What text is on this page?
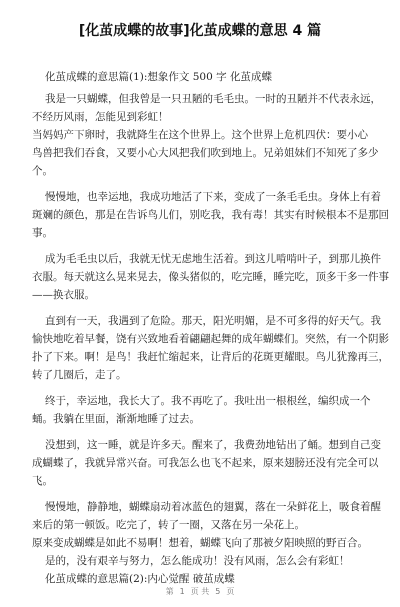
[化茧成蝶的故事]化茧成蝶的意思 4 篇
化茧成蝶的意思篇(1):想象作文 500 字 化茧成蝶
我是一只蝴蝶，但我曾是一只丑陋的毛毛虫。一时的丑陋并不代表永远，
不经历风雨，怎能见到彩虹！
当妈妈产下卵时，我就降生在这个世界上。这个世界上危机四伏：要小心
鸟兽把我们吞食，又要小心大风把我们吹到地上。兄弟姐妹们不知死了多少
个。
慢慢地，也幸运地，我成功地活了下来，变成了一条毛毛虫。身体上有着
斑斓的颜色，那是在告诉鸟儿们，别吃我，我有毒！其实有时候根本不是那回
事。
成为毛毛虫以后，我就无忧无虑地生活着。到这儿啃啃叶子，到那儿换件
衣服。每天就这么晃来晃去，像头猪似的，吃完睡，睡完吃，顶多干多一件事
——换衣服。
直到有一天，我遇到了危险。那天，阳光明媚，是不可多得的好天气。我
愉快地吃着早餐，饶有兴致地看着翩翩起舞的成年蝴蝶们。突然，有一个阴影
扑了下来。啊！是鸟！我赶忙缩起来，让背后的花斑更耀眼。鸟儿犹豫再三，
转了几圈后，走了。
终于，幸运地，我长大了。我不再吃了。我吐出一根根丝，编织成一个
蛹。我躺在里面，渐渐地睡了过去。
没想到，这一睡，就是许多天。醒来了，我费劲地钻出了蛹。想到自己变
成蝴蝶了，我就异常兴奋。可我怎么也飞不起来，原来翅膀还没有完全可以
飞。
慢慢地，静静地，蝴蝶扇动着冰蓝色的翅翼，落在一朵鲜花上，吸食着醒
来后的第一顿饭。吃完了，转了一圈，又落在另一朵花上。
原来变成蝴蝶是如此不易啊！想着，蝴蝶飞向了那被夕阳映照的野百合。
是的，没有艰辛与努力，怎么能成功！没有风雨，怎么会有彩虹！
化茧成蝶的意思篇(2):内心觉醒 破茧成蝶
第 1 页 共 5 页
